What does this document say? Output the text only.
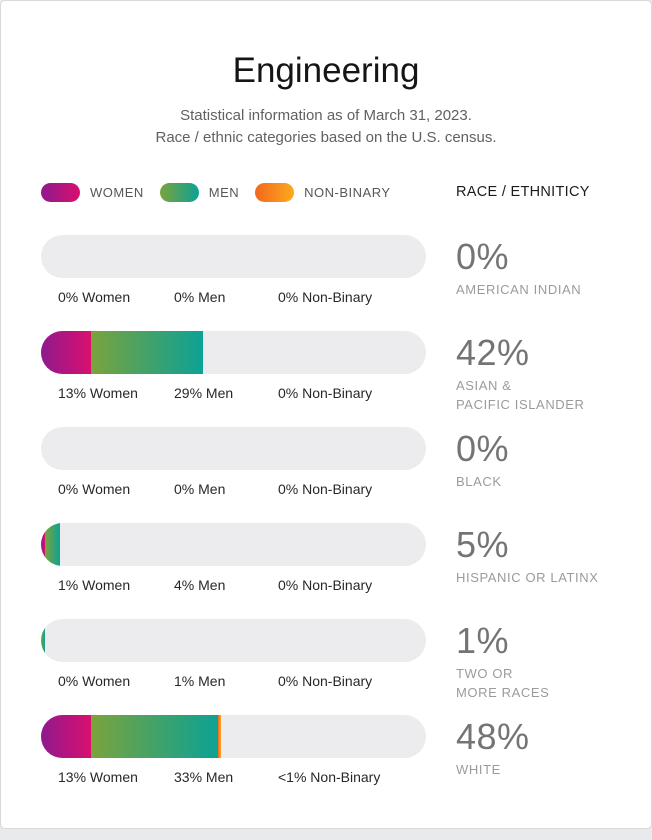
Engineering
Statistical information as of March 31, 2023.
Race / ethnic categories based on the U.S. census.
WOMEN	MEN	NON-BINARY	RACE / ETHNITICY
0% Women	0% Men	0% Non-Binary
0%
AMERICAN INDIAN
13% Women	29% Men	0% Non-Binary
42%
ASIAN &
PACIFIC ISLANDER
0% Women	0% Men	0% Non-Binary
0%
BLACK
1% Women	4% Men	0% Non-Binary
5%
HISPANIC OR LATINX
0% Women	1% Men	0% Non-Binary
1%
TWO OR
MORE RACES
13% Women	33% Men	<1% Non-Binary
48%
WHITE
